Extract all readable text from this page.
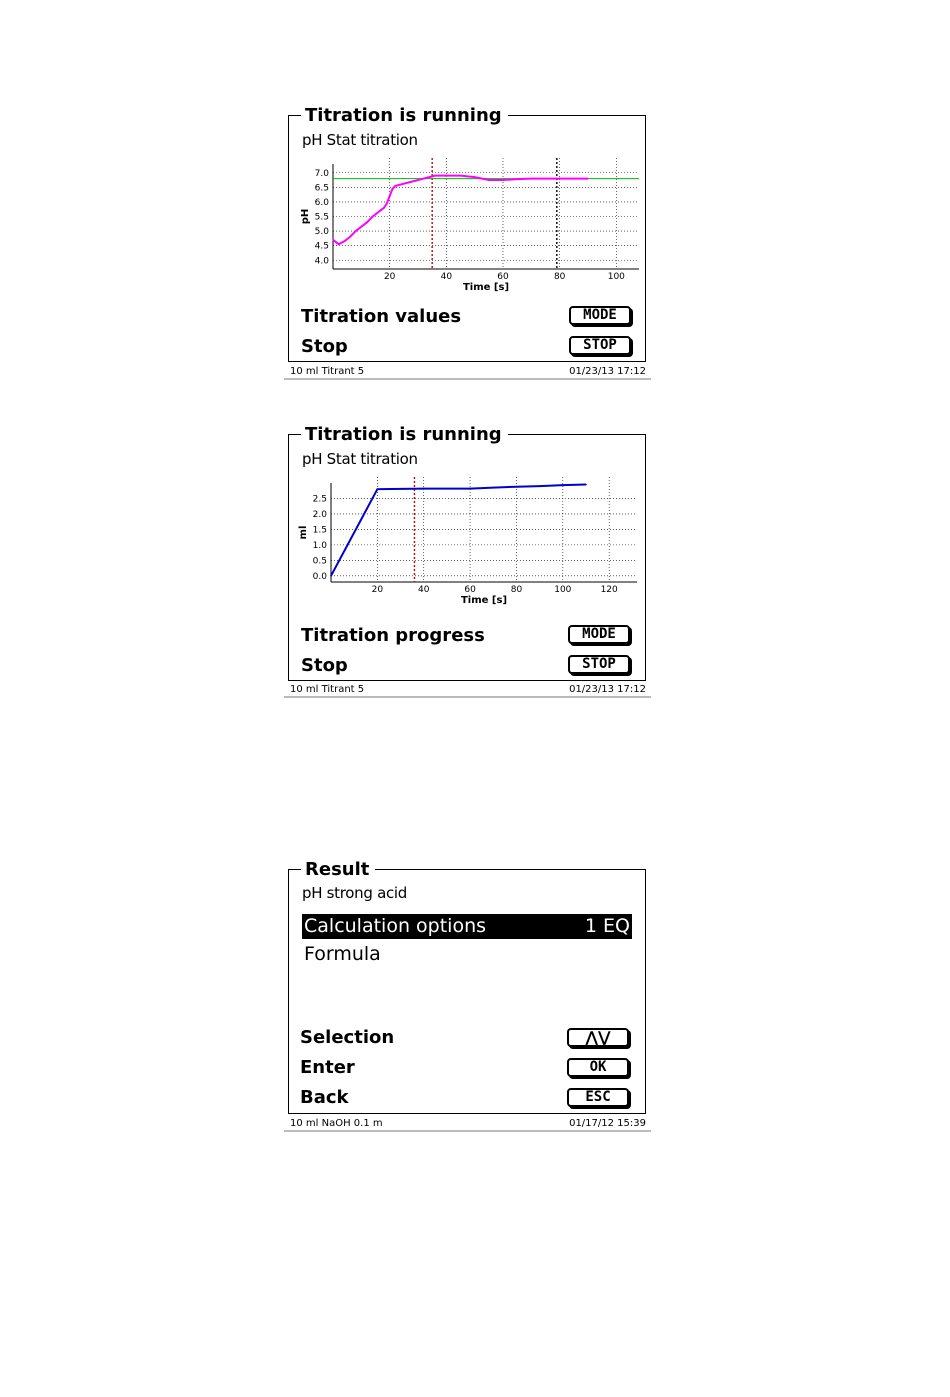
Titration is running
pH Stat titration
7.0
6.5
6.0
5.5
5.0
4.5
4.0
20	40	60	80	100
Time [s]
pH
Titration values	MODE
Stop	STOP
10 ml Titrant 5	01/23/13 17:12
Titration is running
pH Stat titration
2.5
2.0
1.5
1.0
0.5
0.0
20	40	60	80	100	120
Time [s]
ml
Titration progress	MODE
Stop	STOP
10 ml Titrant 5	01/23/13 17:12
Result
pH strong acid
Calculation options	1 EQ
Formula
Selection	⋀⋁
Enter	OK
Back	ESC
10 ml NaOH 0.1 m	01/17/12 15:39
